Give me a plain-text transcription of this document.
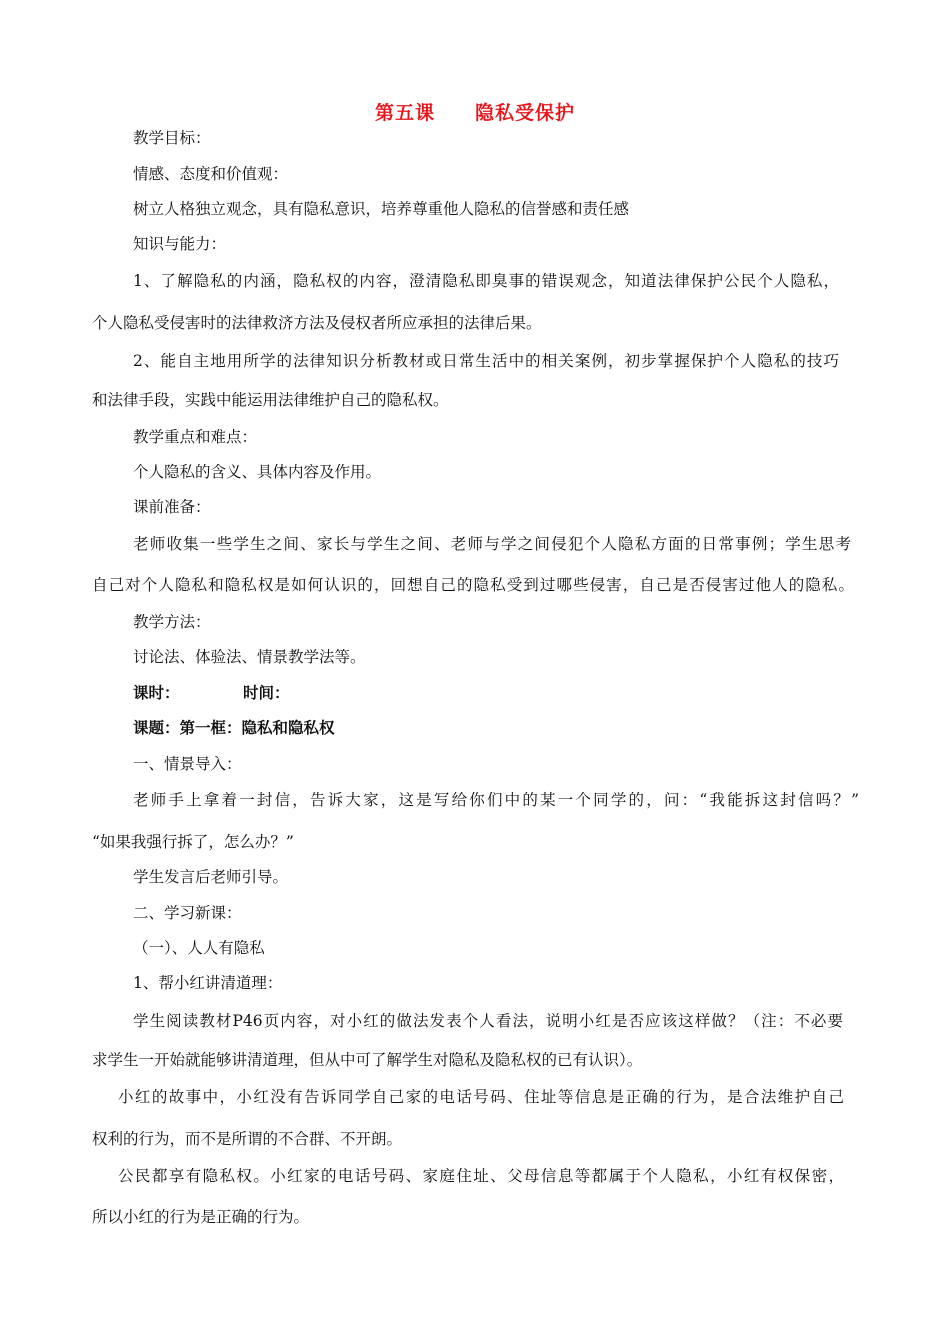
第五课　　隐私受保护
教学目标：
情感、态度和价值观：
树立人格独立观念，具有隐私意识，培养尊重他人隐私的信誉感和责任感
知识与能力：
1、了解隐私的内涵，隐私权的内容，澄清隐私即臭事的错误观念，知道法律保护公民个人隐私，
个人隐私受侵害时的法律救济方法及侵权者所应承担的法律后果。
2、能自主地用所学的法律知识分析教材或日常生活中的相关案例，初步掌握保护个人隐私的技巧
和法律手段，实践中能运用法律维护自己的隐私权。
教学重点和难点：
个人隐私的含义、具体内容及作用。
课前准备：
老师收集一些学生之间、家长与学生之间、老师与学之间侵犯个人隐私方面的日常事例；学生思考
自己对个人隐私和隐私权是如何认识的，回想自己的隐私受到过哪些侵害，自己是否侵害过他人的隐私。
教学方法：
讨论法、体验法、情景教学法等。
课时：	时间：
课题：第一框：隐私和隐私权
一、情景导入：
老师手上拿着一封信，告诉大家，这是写给你们中的某一个同学的，问：“我能拆这封信吗？”
“如果我强行拆了，怎么办？”
学生发言后老师引导。
二、学习新课：
（一）、人人有隐私
1、帮小红讲清道理：
学生阅读教材P46页内容，对小红的做法发表个人看法，说明小红是否应该这样做？（注：不必要
求学生一开始就能够讲清道理，但从中可了解学生对隐私及隐私权的已有认识）。
小红的故事中，小红没有告诉同学自己家的电话号码、住址等信息是正确的行为，是合法维护自己
权利的行为，而不是所谓的不合群、不开朗。
公民都享有隐私权。小红家的电话号码、家庭住址、父母信息等都属于个人隐私，小红有权保密，
所以小红的行为是正确的行为。
